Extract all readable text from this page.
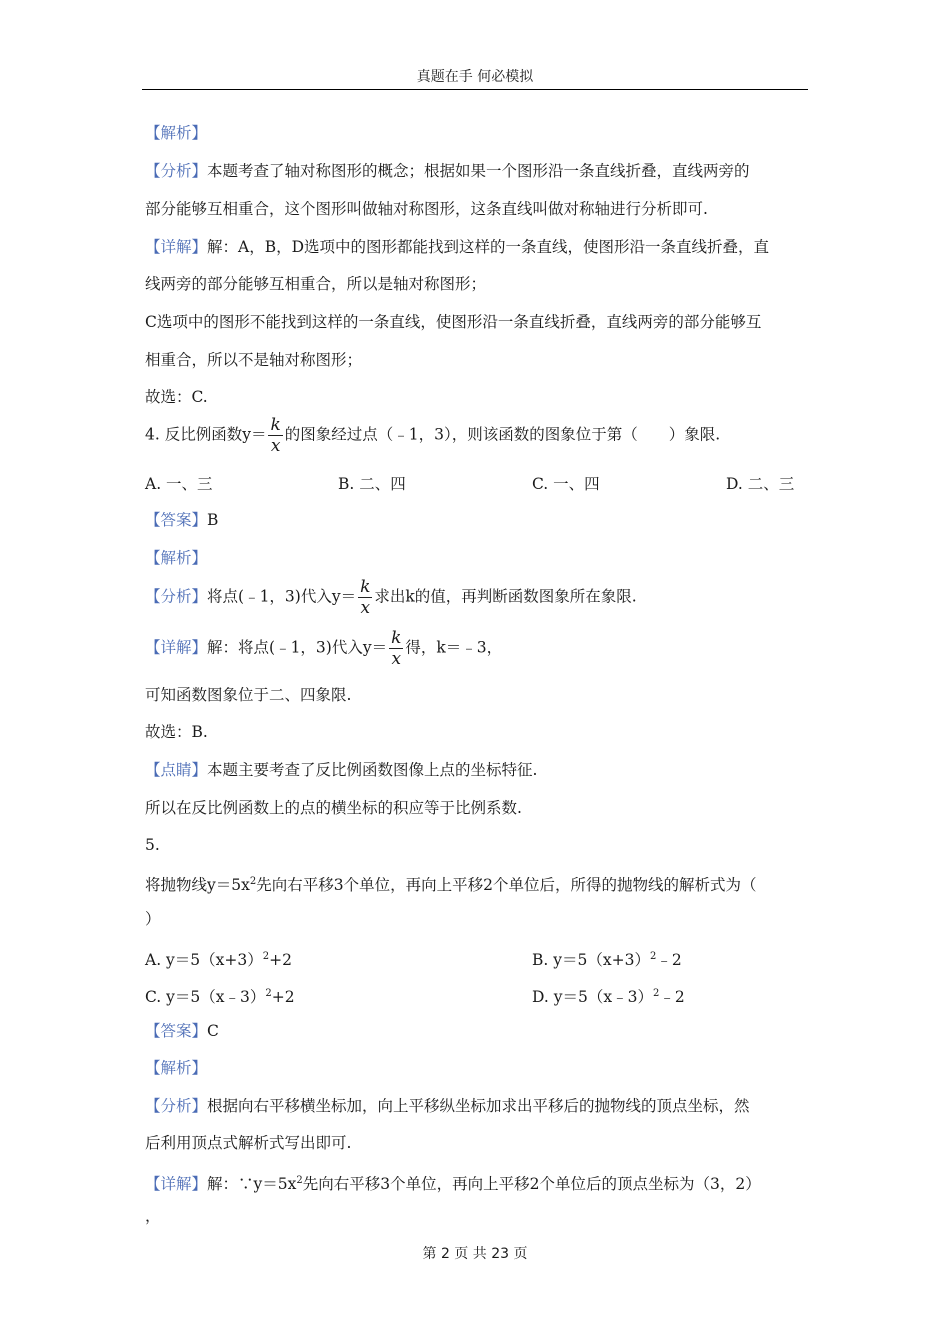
真题在手 何必模拟
【解析】
【分析】本题考查了轴对称图形的概念；根据如果一个图形沿一条直线折叠，直线两旁的
部分能够互相重合，这个图形叫做轴对称图形，这条直线叫做对称轴进行分析即可.
【详解】解：A，B，D选项中的图形都能找到这样的一条直线，使图形沿一条直线折叠，直
线两旁的部分能够互相重合，所以是轴对称图形；
C选项中的图形不能找到这样的一条直线，使图形沿一条直线折叠，直线两旁的部分能够互
相重合，所以不是轴对称图形；
故选：C.
4. 反比例函数$y= \frac{k}{x}$ 的图象经过点（﹣1，3），则该函数的图象位于第（　　）象限.
A. 一、三	B. 二、四	C. 一、四	D. 二、三
【答案】B
【解析】
【分析】将点(﹣1，3)代入$y= \frac{k}{x}$ 求出k的值，再判断函数图象所在象限.
【详解】解：将点(﹣1，3)代入$y= \frac{k}{x}$ 得，k＝﹣3，
可知函数图象位于二、四象限.
故选：B.
【点睛】本题主要考查了反比例函数图像上点的坐标特征.
所以在反比例函数上的点的横坐标的积应等于比例系数.
5.
将抛物线$y=5x^2$先向右平移3个单位，再向上平移2个单位后，所得的抛物线的解析式为（
）
A. $y=5(x+3)^2+2$	B. $y=5(x+3)^2﹣2$
C. y＝5（x﹣3）$^2$+2	D. y＝5（x﹣3）$^2$﹣2
【答案】C
【解析】
【分析】根据向右平移横坐标加，向上平移纵坐标加求出平移后的抛物线的顶点坐标，然
后利用顶点式解析式写出即可.
【详解】解：$\because y=5x^2$先向右平移3个单位，再向上平移2个单位后的顶点坐标为（3，2）
，
第 2 页 共 23 页
